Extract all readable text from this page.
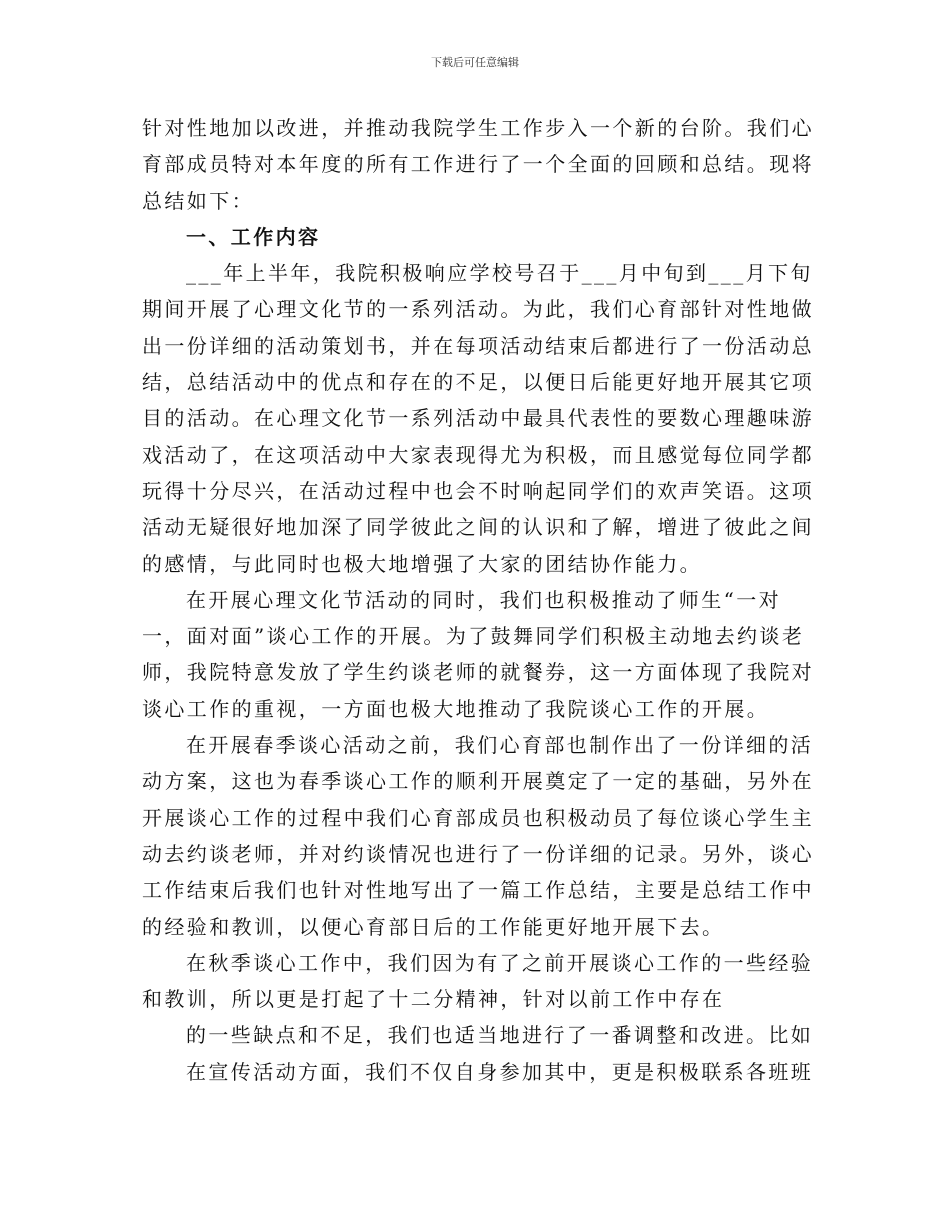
下载后可任意编辑

针对性地加以改进，并推动我院学生工作步入一个新的台阶。我们心育部成员特对本年度的所有工作进行了一个全面的回顾和总结。现将总结如下：

一、工作内容

___年上半年，我院积极响应学校号召于___月中旬到___月下旬期间开展了心理文化节的一系列活动。为此，我们心育部针对性地做出一份详细的活动策划书，并在每项活动结束后都进行了一份活动总结，总结活动中的优点和存在的不足，以便日后能更好地开展其它项目的活动。在心理文化节一系列活动中最具代表性的要数心理趣味游戏活动了，在这项活动中大家表现得尤为积极，而且感觉每位同学都玩得十分尽兴，在活动过程中也会不时响起同学们的欢声笑语。这项活动无疑很好地加深了同学彼此之间的认识和了解，增进了彼此之间的感情，与此同时也极大地增强了大家的团结协作能力。

在开展心理文化节活动的同时，我们也积极推动了师生“一对一，面对面”谈心工作的开展。为了鼓舞同学们积极主动地去约谈老师，我院特意发放了学生约谈老师的就餐券，这一方面体现了我院对谈心工作的重视，一方面也极大地推动了我院谈心工作的开展。

在开展春季谈心活动之前，我们心育部也制作出了一份详细的活动方案，这也为春季谈心工作的顺利开展奠定了一定的基础，另外在开展谈心工作的过程中我们心育部成员也积极动员了每位谈心学生主动去约谈老师，并对约谈情况也进行了一份详细的记录。另外，谈心工作结束后我们也针对性地写出了一篇工作总结，主要是总结工作中的经验和教训，以便心育部日后的工作能更好地开展下去。

在秋季谈心工作中，我们因为有了之前开展谈心工作的一些经验和教训，所以更是打起了十二分精神，针对以前工作中存在

的一些缺点和不足，我们也适当地进行了一番调整和改进。比如
在宣传活动方面，我们不仅自身参加其中，更是积极联系各班班
